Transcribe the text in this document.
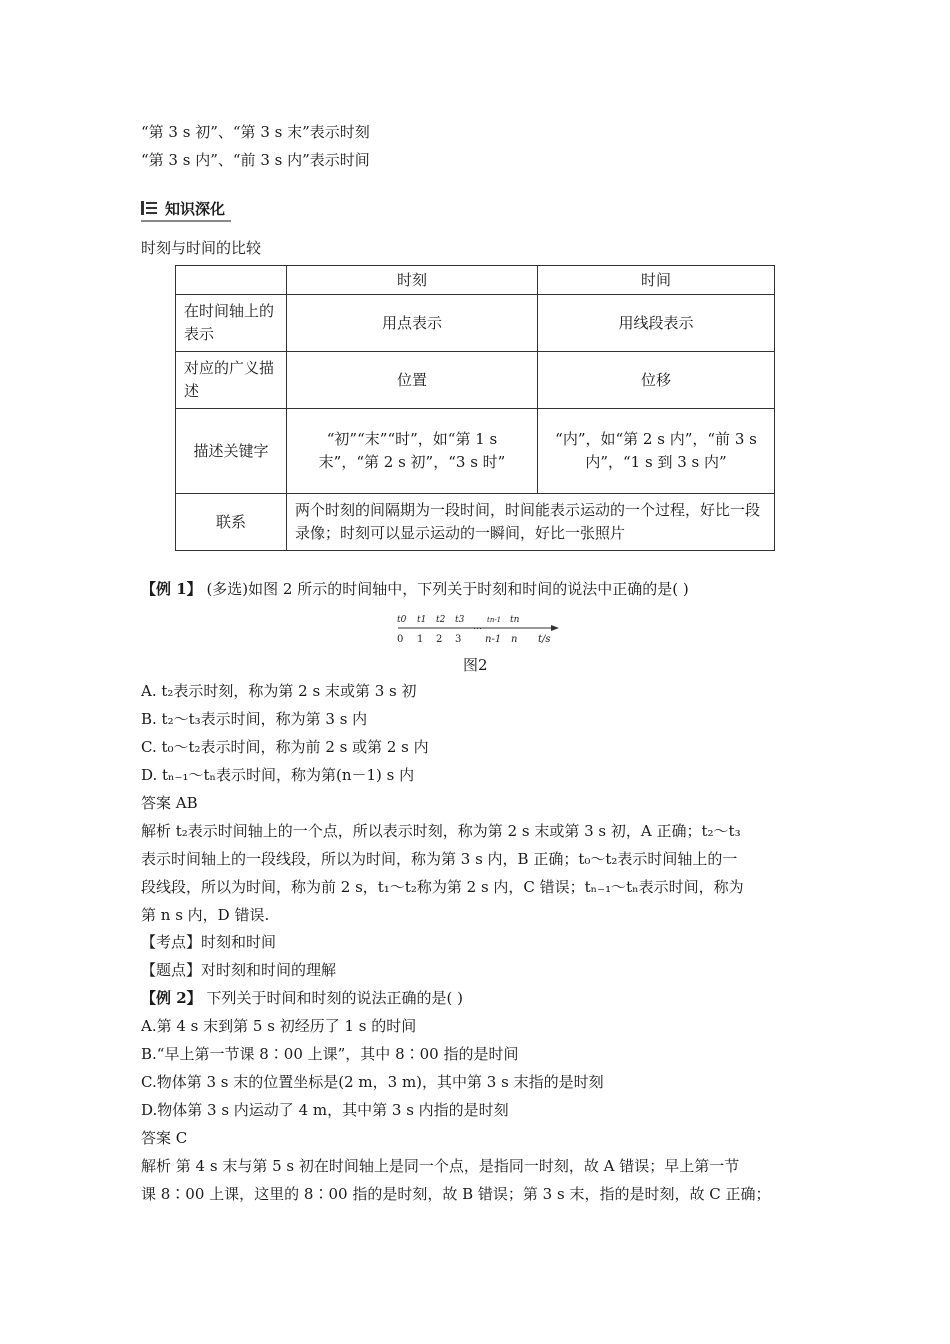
“第 3 s 初”、“第 3 s 末”表示时刻
“第 3 s 内”、“前 3 s 内”表示时间
知识深化
时刻与时间的比较
	时刻	时间
在时间轴上的表示	用点表示	用线段表示
对应的广义描述	位置	位移
描述关键字	“初”“末”“时”，如“第 1 s 末”，“第 2 s 初”，“3 s 时”	“内”，如“第 2 s 内”，“前 3 s 内”，“1 s 到 3 s 内”
联系	两个时刻的间隔期为一段时间，时间能表示运动的一个过程，好比一段录像；时刻可以显示运动的一瞬间，好比一张照片	
【例 1】 (多选)如图 2 所示的时间轴中，下列关于时刻和时间的说法中正确的是( )
t0 t1 t2 t3
…
tn-1 tn
0 1 2 3 n-1 n t/s
图2
A. t₂表示时刻，称为第 2 s 末或第 3 s 初
B. t₂～t₃表示时间，称为第 3 s 内
C. t₀～t₂表示时间，称为前 2 s 或第 2 s 内
D. tₙ₋₁～tₙ表示时间，称为第(n－1) s 内
答案 AB
解析 t₂表示时间轴上的一个点，所以表示时刻，称为第 2 s 末或第 3 s 初，A 正确；t₂～t₃
表示时间轴上的一段线段，所以为时间，称为第 3 s 内，B 正确；t₀～t₂表示时间轴上的一
段线段，所以为时间，称为前 2 s，t₁～t₂称为第 2 s 内，C 错误；tₙ₋₁～tₙ表示时间，称为
第 n s 内，D 错误.
【考点】时刻和时间
【题点】对时刻和时间的理解
【例 2】 下列关于时间和时刻的说法正确的是( )
A.第 4 s 末到第 5 s 初经历了 1 s 的时间
B.“早上第一节课 8∶00 上课”，其中 8∶00 指的是时间
C.物体第 3 s 末的位置坐标是(2 m，3 m)，其中第 3 s 末指的是时刻
D.物体第 3 s 内运动了 4 m，其中第 3 s 内指的是时刻
答案 C
解析 第 4 s 末与第 5 s 初在时间轴上是同一个点，是指同一时刻，故 A 错误；早上第一节
课 8∶00 上课，这里的 8∶00 指的是时刻，故 B 错误；第 3 s 末，指的是时刻，故 C 正确；
